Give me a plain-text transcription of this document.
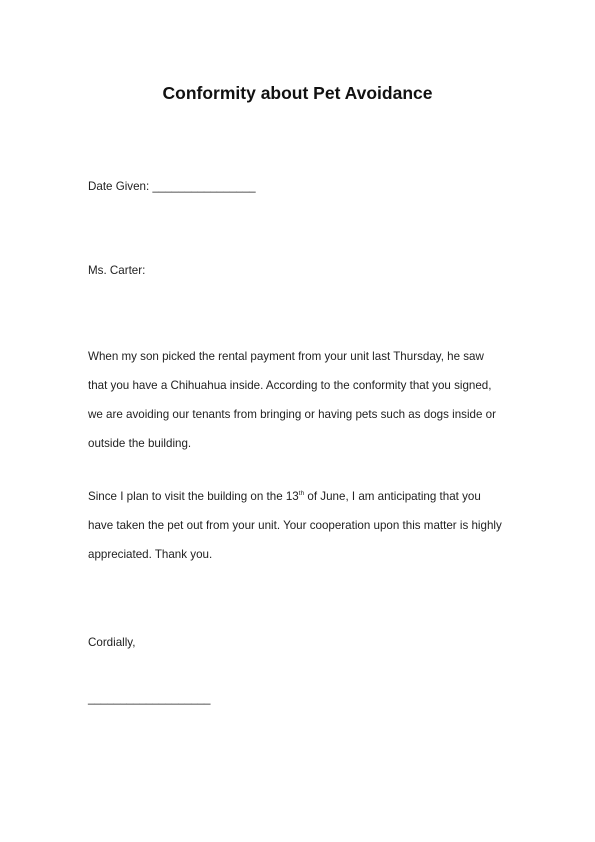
Conformity about Pet Avoidance
Date Given: ________________
Ms. Carter:
When my son picked the rental payment from your unit last Thursday, he saw
that you have a Chihuahua inside. According to the conformity that you signed,
we are avoiding our tenants from bringing or having pets such as dogs inside or
outside the building.
Since I plan to visit the building on the 13th of June, I am anticipating that you
have taken the pet out from your unit. Your cooperation upon this matter is highly
appreciated. Thank you.
Cordially,
___________________
